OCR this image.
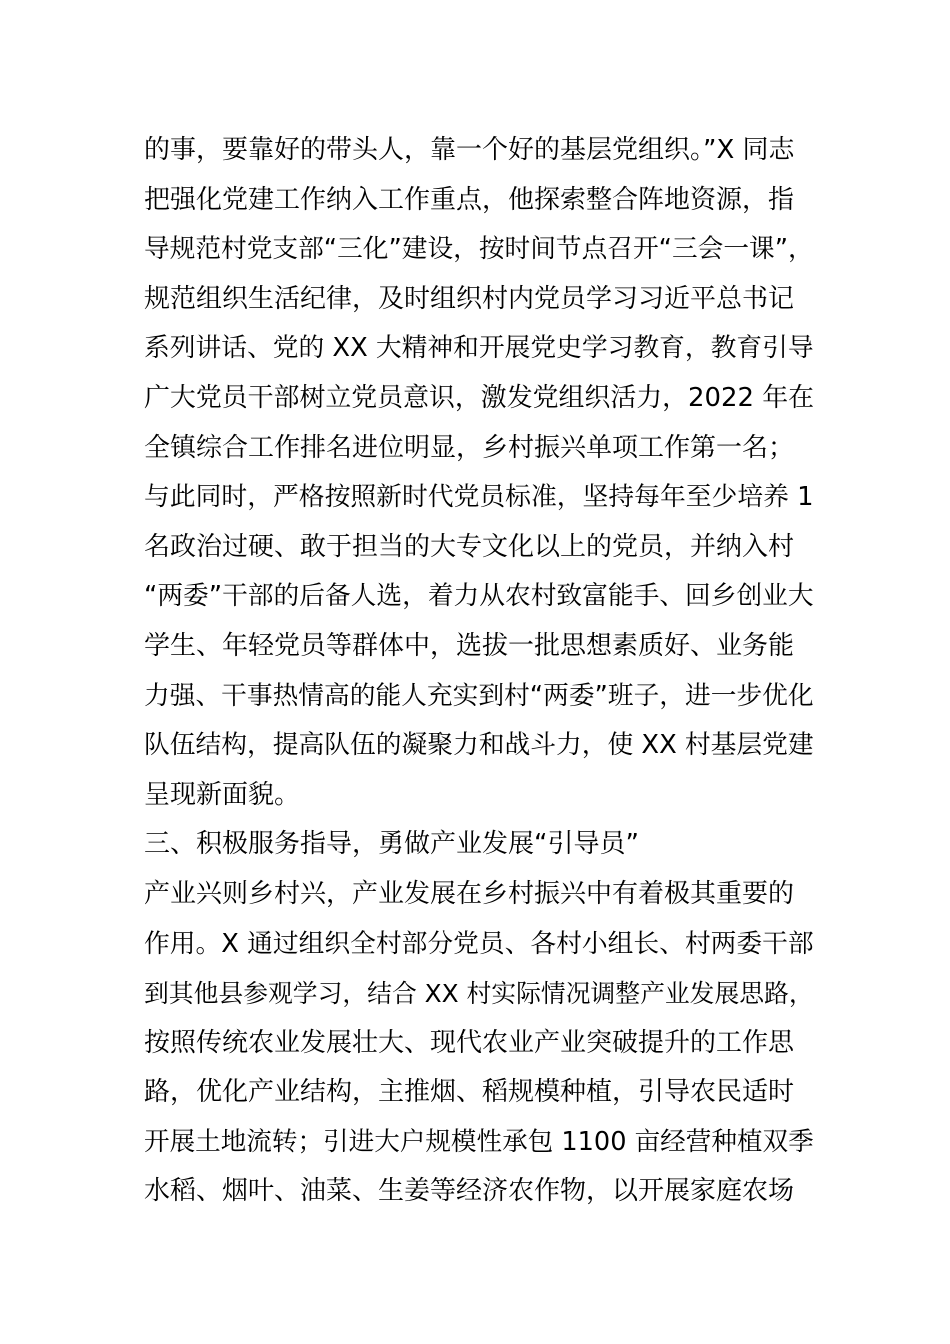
的事，要靠好的带头人，靠一个好的基层党组织。”X 同志
把强化党建工作纳入工作重点，他探索整合阵地资源，指
导规范村党支部“三化”建设，按时间节点召开“三会一课”，
规范组织生活纪律，及时组织村内党员学习习近平总书记
系列讲话、党的 XX 大精神和开展党史学习教育，教育引导
广大党员干部树立党员意识，激发党组织活力，2022 年在
全镇综合工作排名进位明显，乡村振兴单项工作第一名；
与此同时，严格按照新时代党员标准，坚持每年至少培养 1
名政治过硬、敢于担当的大专文化以上的党员，并纳入村
“两委”干部的后备人选，着力从农村致富能手、回乡创业大
学生、年轻党员等群体中，选拔一批思想素质好、业务能
力强、干事热情高的能人充实到村“两委”班子，进一步优化
队伍结构，提高队伍的凝聚力和战斗力，使 XX 村基层党建
呈现新面貌。
三、积极服务指导，勇做产业发展“引导员”
产业兴则乡村兴，产业发展在乡村振兴中有着极其重要的
作用。X 通过组织全村部分党员、各村小组长、村两委干部
到其他县参观学习，结合 XX 村实际情况调整产业发展思路，
按照传统农业发展壮大、现代农业产业突破提升的工作思
路，优化产业结构，主推烟、稻规模种植，引导农民适时
开展土地流转；引进大户规模性承包 1100 亩经营种植双季
水稻、烟叶、油菜、生姜等经济农作物，以开展家庭农场
